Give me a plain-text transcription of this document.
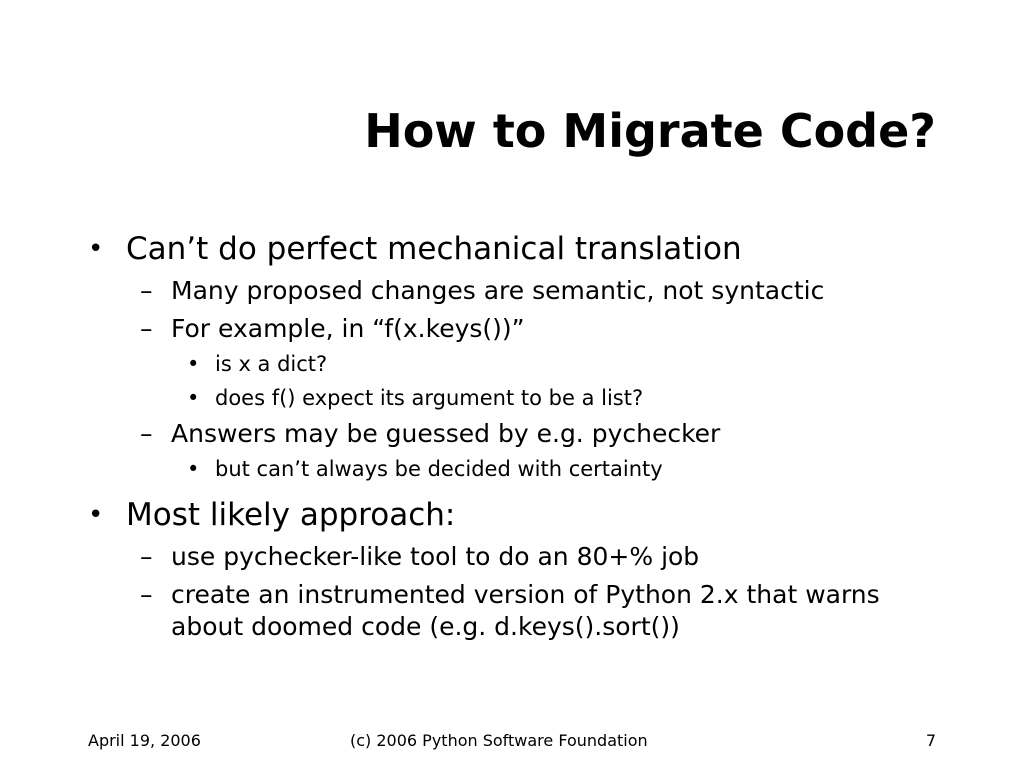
How to Migrate Code?
• Can’t do perfect mechanical translation
– Many proposed changes are semantic, not syntactic
– For example, in “f(x.keys())”
• is x a dict?
• does f() expect its argument to be a list?
– Answers may be guessed by e.g. pychecker
• but can’t always be decided with certainty
• Most likely approach:
– use pychecker-like tool to do an 80+% job
– create an instrumented version of Python 2.x that warns about doomed code (e.g. d.keys().sort())
April 19, 2006	(c) 2006 Python Software Foundation	7
